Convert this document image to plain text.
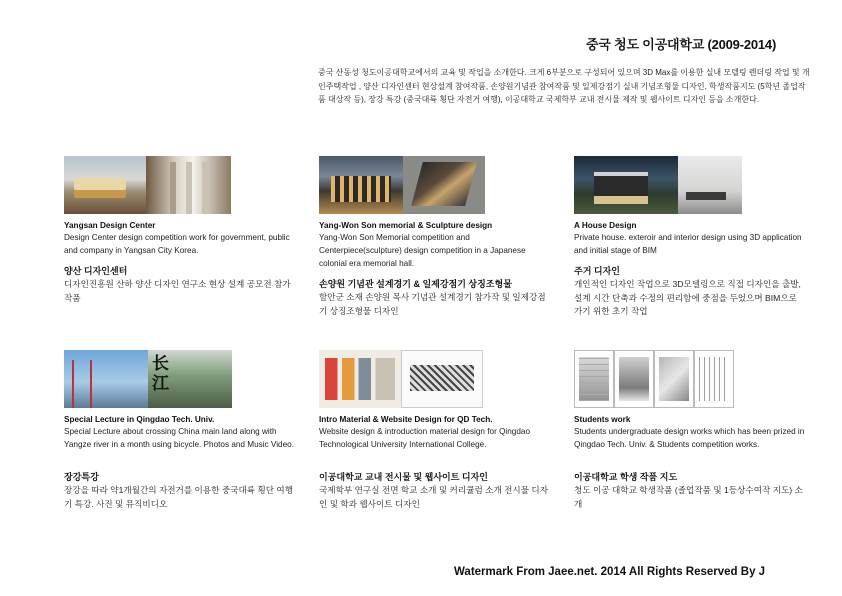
중국 청도 이공대학교 (2009-2014)
중국 산동성 청도이공대학교에서의 교육 및 작업을 소개한다. 크게 6부분으로 구성되어 있으며 3D Max를 이용한 실내 모델링 렌더링 작업 및 개인주택작업 , 양산 디자인센터 현상설계 참여작품, 손양원기념관 참여작품 및 일제강점기 실내 기념조형물 디자인, 학생작품지도 (5학년 졸업작품 대상작 등), 장강 특강 (중국대륙 횡단 자전거 여행), 이공대학교 국제학부 교내 전시물 제작 및 웹사이트 디자인 등을 소개한다.
Yangsan Design Center
Design Center design competition work for government, public and company in Yangsan City Korea.
양산 디자인센터
디자인진흥원 산하 양산 디자인 연구소 현상 설계 공모전 참가작품
Yang-Won Son memorial & Sculpture design
Yang-Won Son Memorial competition and Centerpiece(sculpture) design competition in a Japanese colonial era memorial hall.
손양원 기념관 설계경기 & 일제강점기 상징조형물
함안군 소재 손양원 목사 기념관 설계경기 참가작 및 일제강점기 상징조형물 디자인
A House Design
Private house. exteroir and interior design using 3D application and initial stage of BIM
주거 디자인
개인적인 디자인 작업으로 3D모델링으로 직접 디자인을 출발, 설계 시간 단축과 수정의 편리함에 중점을 두었으며 BIM으로 가기 위한 초기 작업
长江
Special Lecture in Qingdao Tech. Univ.
Special Lecture about crossing China main land along with Yangze river in a month using bicycle. Photos and Music Video.
장강특강
장강을 따라 약1개월간의 자전거를 이용한 중국대륙 횡단 여행기 특강. 사진 및 뮤직비디오
Intro Material & Website Design for QD Tech.
Website design & introduction material design for Qingdao Technological University International College.
이공대학교 교내 전시물 및 웹사이트 디자인
국제학부 연구실 전면 학교 소개 및 커리큘럼 소개 전시물 디자인 및 학과 웹사이트 디자인
Students work
Students undergraduate design works which has been prized in Qingdao Tech. Univ. & Students competition works.
이공대학교 학생 작품 지도
청도 이공 대학교 학생작품 (졸업작품 및 1등상수여작 지도) 소개
Watermark From Jaee.net. 2014 All Rights Reserved By J
